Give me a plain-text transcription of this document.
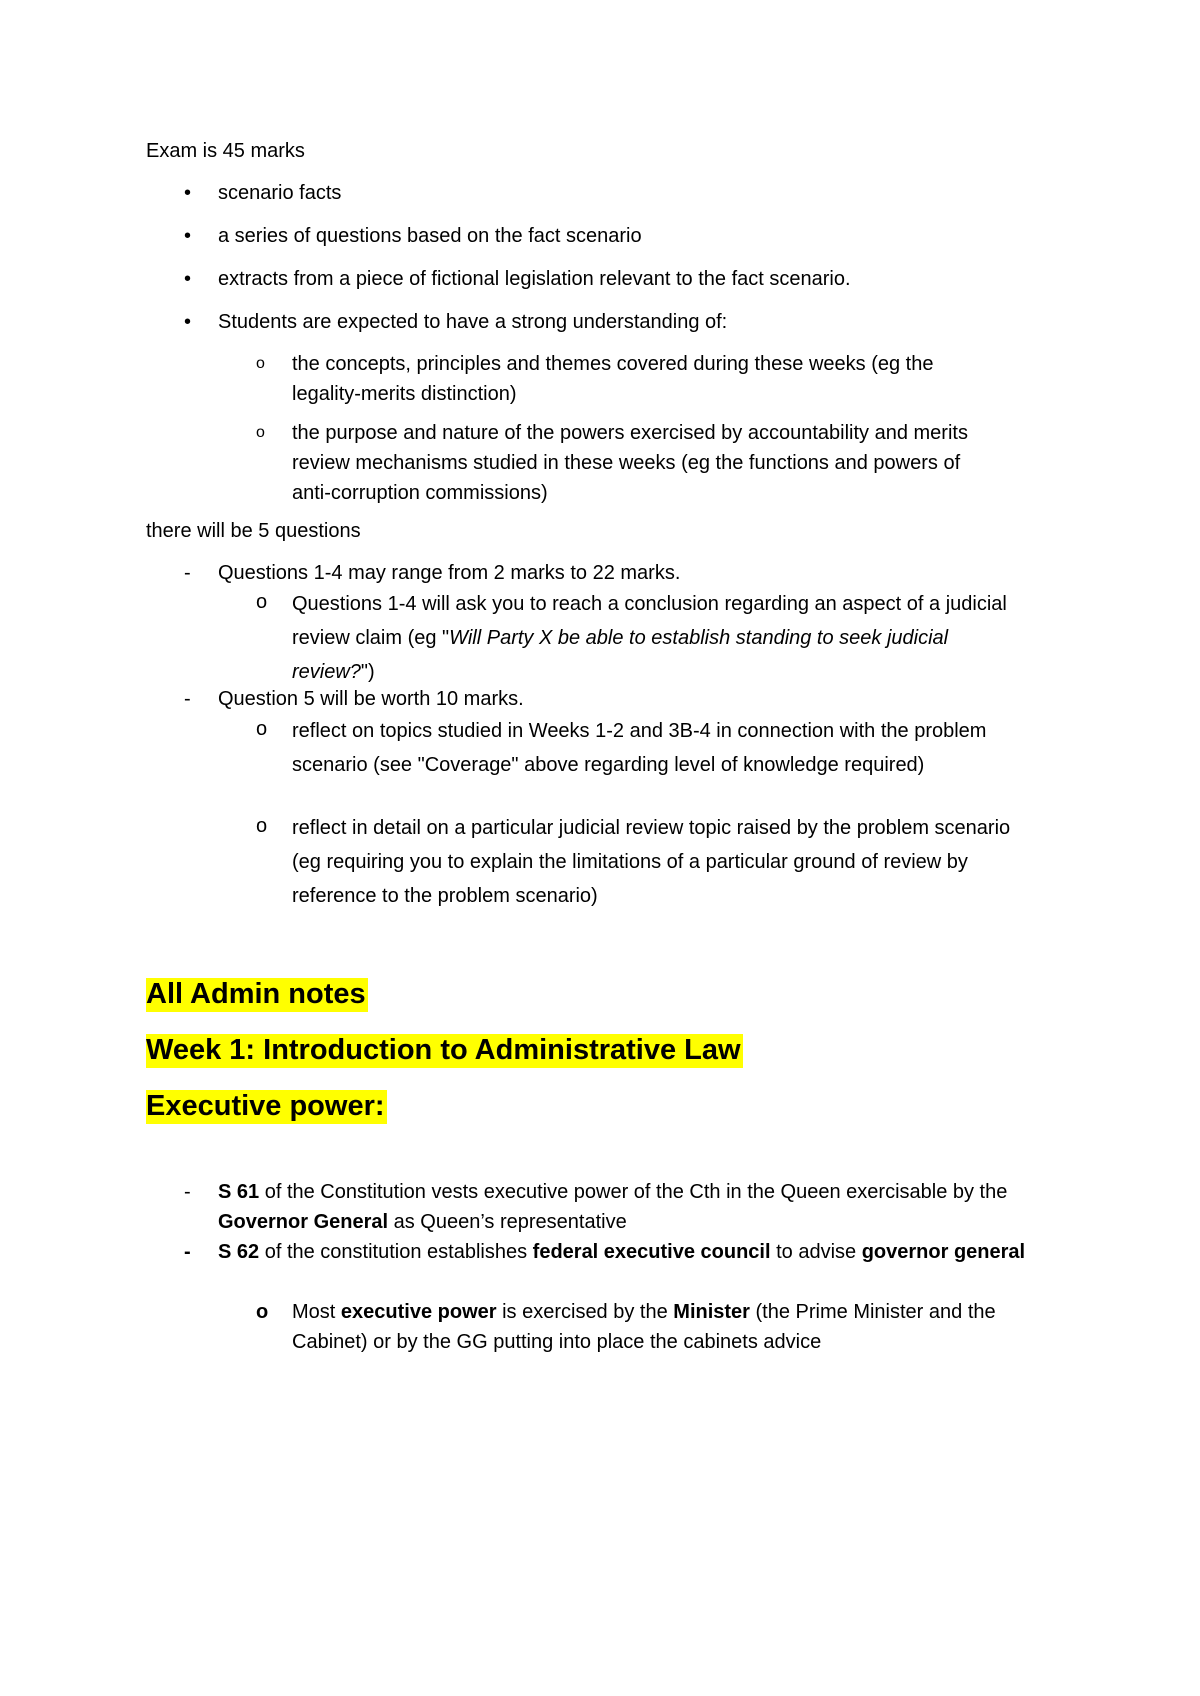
Exam is 45 marks
• scenario facts
• a series of questions based on the fact scenario
• extracts from a piece of fictional legislation relevant to the fact scenario.
• Students are expected to have a strong understanding of:
o the concepts, principles and themes covered during these weeks (eg the legality-merits distinction)
o the purpose and nature of the powers exercised by accountability and merits review mechanisms studied in these weeks (eg the functions and powers of anti-corruption commissions)
there will be 5 questions
- Questions 1-4 may range from 2 marks to 22 marks.
o Questions 1-4 will ask you to reach a conclusion regarding an aspect of a judicial review claim (eg "Will Party X be able to establish standing to seek judicial review?")
- Question 5 will be worth 10 marks.
o reflect on topics studied in Weeks 1-2 and 3B-4 in connection with the problem scenario (see "Coverage" above regarding level of knowledge required)
o reflect in detail on a particular judicial review topic raised by the problem scenario (eg requiring you to explain the limitations of a particular ground of review by reference to the problem scenario)
All Admin notes
Week 1: Introduction to Administrative Law
Executive power:
- S 61 of the Constitution vests executive power of the Cth in the Queen exercisable by the Governor General as Queen’s representative
- S 62 of the constitution establishes federal executive council to advise governor general
o Most executive power is exercised by the Minister (the Prime Minister and the Cabinet) or by the GG putting into place the cabinets advice
